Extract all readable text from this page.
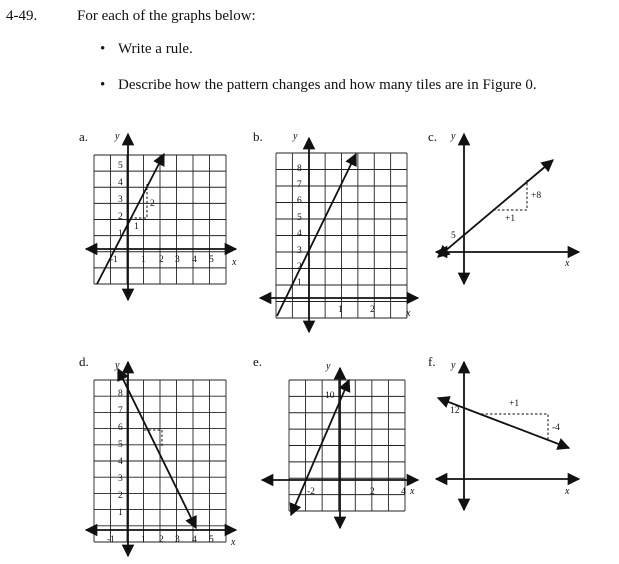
4-49.	For each of the graphs below:
• Write a rule.
• Describe how the pattern changes and how many tiles are in Figure 0.
a.	y
x
-1 1 2 3 4 5
1
2
3
4
5
2
1
b.	y
x
1	2
1
2
3
4
5
6
7
8
c. y
x
5
+8
+1
d.	y
x
-1	1 2 3 4 5
1
2
3
4
5
6
7
8
e.	y
x
-2	2	4
10
f. y
x
12
+1
-4
